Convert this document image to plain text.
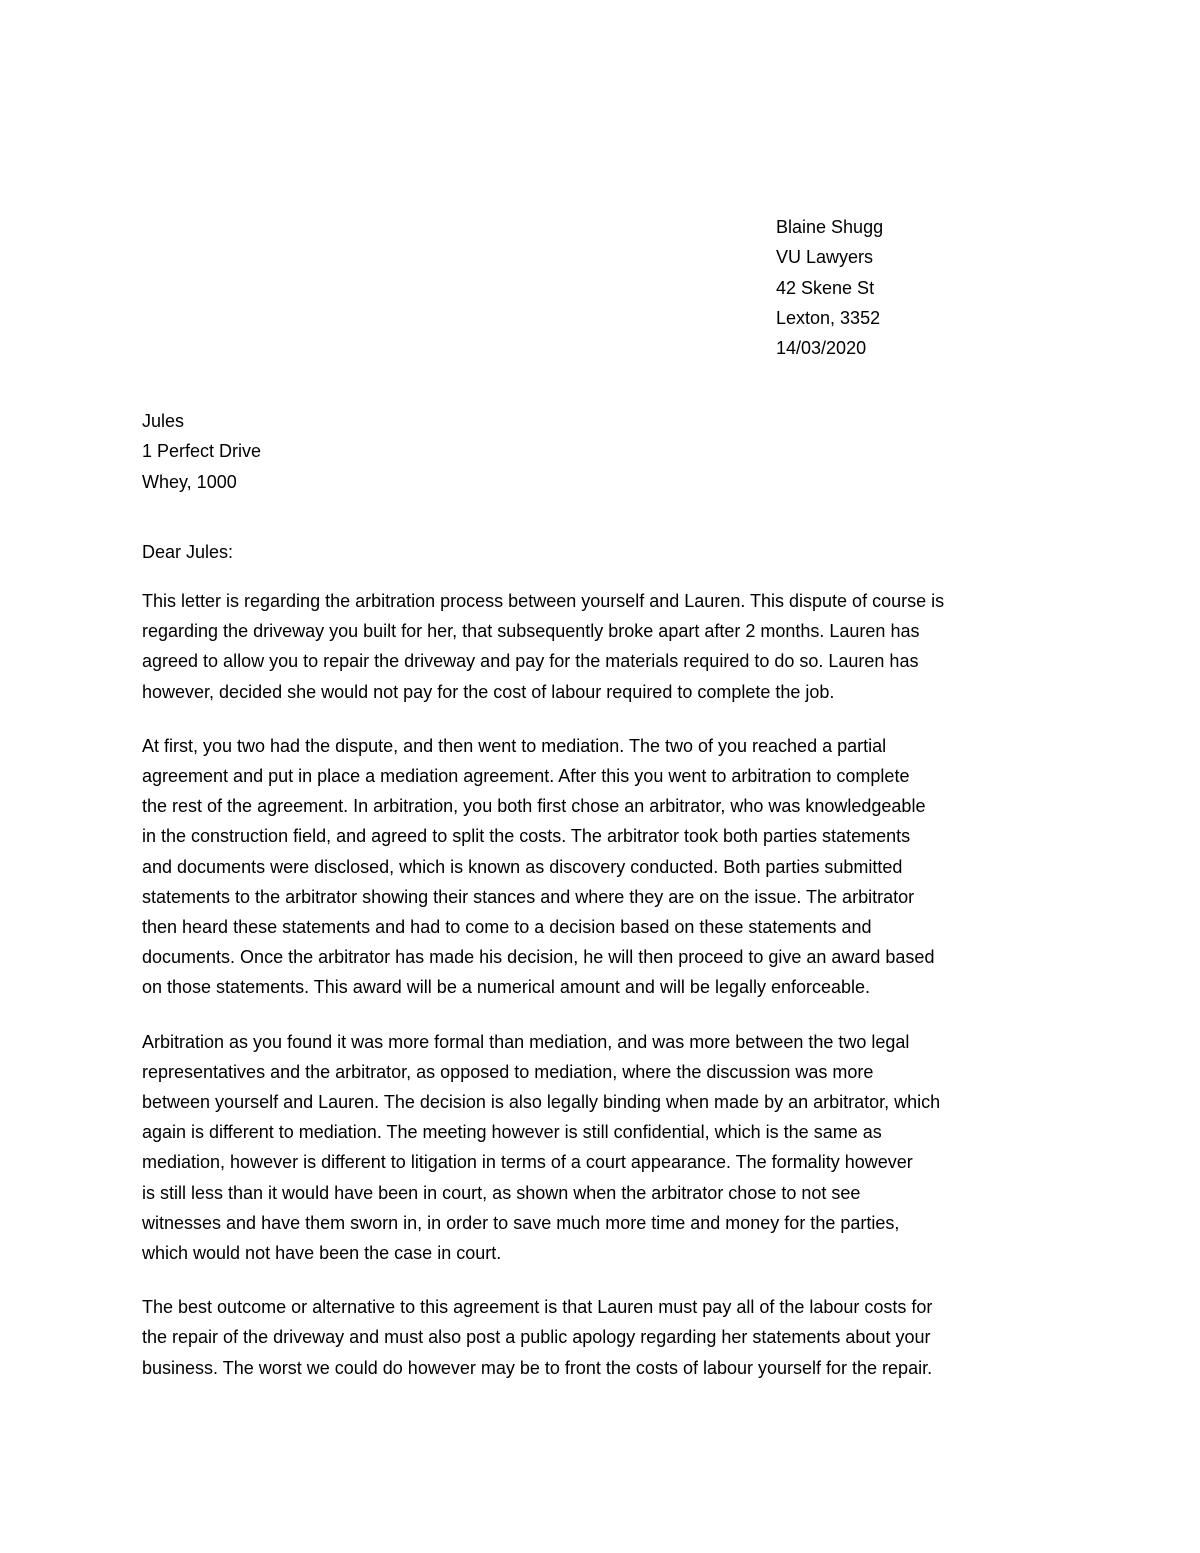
Blaine Shugg
VU Lawyers
42 Skene St
Lexton, 3352
14/03/2020
Jules
1 Perfect Drive
Whey, 1000
Dear Jules:

This letter is regarding the arbitration process between yourself and Lauren. This dispute of course is
regarding the driveway you built for her, that subsequently broke apart after 2 months. Lauren has
agreed to allow you to repair the driveway and pay for the materials required to do so. Lauren has
however, decided she would not pay for the cost of labour required to complete the job.

At first, you two had the dispute, and then went to mediation. The two of you reached a partial
agreement and put in place a mediation agreement. After this you went to arbitration to complete
the rest of the agreement. In arbitration, you both first chose an arbitrator, who was knowledgeable
in the construction field, and agreed to split the costs. The arbitrator took both parties statements
and documents were disclosed, which is known as discovery conducted. Both parties submitted
statements to the arbitrator showing their stances and where they are on the issue. The arbitrator
then heard these statements and had to come to a decision based on these statements and
documents. Once the arbitrator has made his decision, he will then proceed to give an award based
on those statements. This award will be a numerical amount and will be legally enforceable.

Arbitration as you found it was more formal than mediation, and was more between the two legal
representatives and the arbitrator, as opposed to mediation, where the discussion was more
between yourself and Lauren. The decision is also legally binding when made by an arbitrator, which
again is different to mediation. The meeting however is still confidential, which is the same as
mediation, however is different to litigation in terms of a court appearance. The formality however
is still less than it would have been in court, as shown when the arbitrator chose to not see
witnesses and have them sworn in, in order to save much more time and money for the parties,
which would not have been the case in court.

The best outcome or alternative to this agreement is that Lauren must pay all of the labour costs for
the repair of the driveway and must also post a public apology regarding her statements about your
business. The worst we could do however may be to front the costs of labour yourself for the repair.
